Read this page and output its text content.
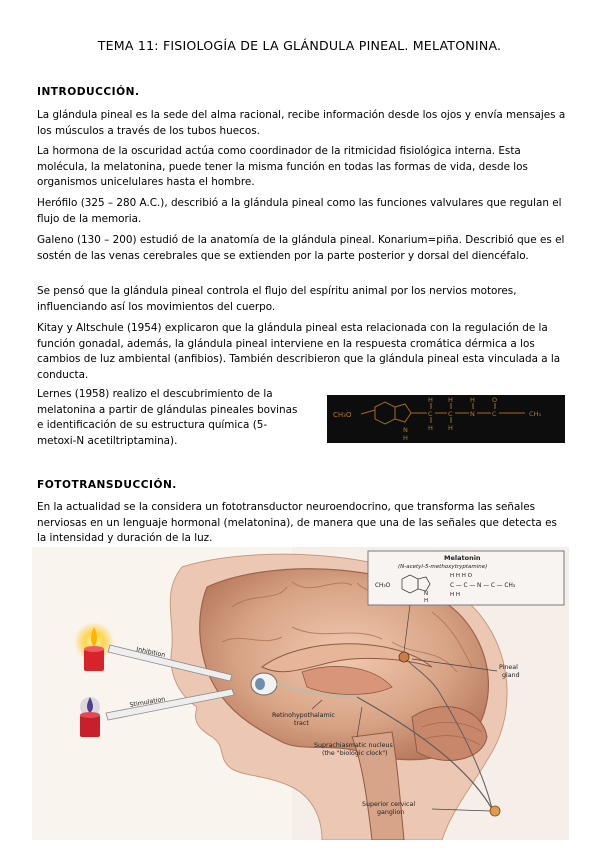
TEMA 11: FISIOLOGÍA DE LA GLÁNDULA PINEAL. MELATONINA.
INTRODUCCIÓN.
La glándula pineal es la sede del alma racional, recibe información desde los ojos y envía mensajes a los músculos a través de los tubos huecos.
La hormona de la oscuridad actúa como coordinador de la ritmicidad fisiológica interna. Esta molécula, la melatonina, puede tener la misma función en todas las formas de vida, desde los organismos unicelulares hasta el hombre.
Herófilo (325 – 280 A.C.), describió a la glándula pineal como las funciones valvulares que regulan el flujo de la memoria.
Galeno (130 – 200) estudió de la anatomía de la glándula pineal. Konarium=piña. Describió que es el sostén de las venas cerebrales que se extienden por la parte posterior y dorsal del diencéfalo.
Se pensó que la glándula pineal controla el flujo del espíritu animal por los nervios motores, influenciando así los movimientos del cuerpo.
Kitay y Altschule (1954) explicaron que la glándula pineal esta relacionada con la regulación de la función gonadal, además, la glándula pineal interviene en la respuesta cromática dérmica a los cambios de luz ambiental (anfibios). También describieron que la glándula pineal esta vinculada a la conducta.
Lernes (1958) realizo el descubrimiento de la melatonina a partir de glándulas pineales bovinas e identificación de su estructura química (5-metoxi-N acetiltriptamina).
CH₃O
H H	H	O
C C	N	C	CH₃
H H
N
H
FOTOTRANSDUCCIÓN.
En la actualidad se la considera un fototransductor neuroendocrino, que transforma las señales nerviosas en un lenguaje hormonal (melatonina), de manera que una de las señales que detecta es la intensidad y duración de la luz.
Melatonin
(N-acetyl-5-methoxytryptamine)
H H H O
CH₃O	C — C — N — C — CH₃
H H
N
H
Inhibition
Stimulation
Retinohypothalamic
tract
Pineal
gland
Suprachiasmatic nucleus
(the "biologic clock")
Superior cervical
ganglion
